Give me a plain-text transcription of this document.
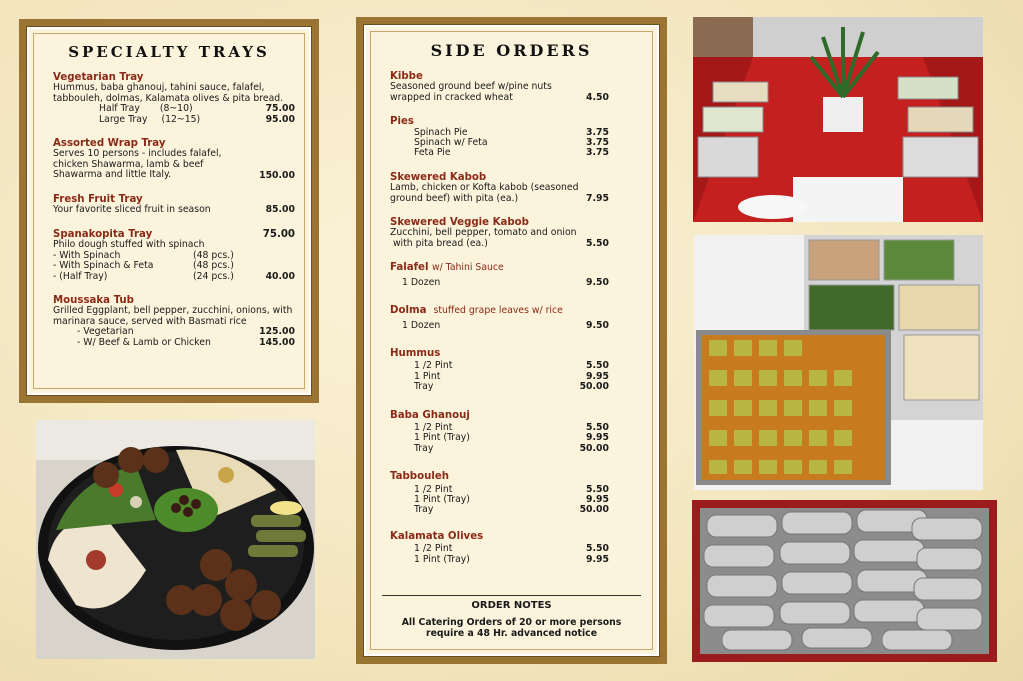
SPECIALTY TRAYS
Vegetarian Tray
Hummus, baba ghanouj, tahini sauce, falafel, tabbouleh, dolmas, Kalamata olives & pita bread.
Half Tray (8~10)	75.00
Large Tray (12~15)	95.00
Assorted Wrap Tray
Serves 10 persons - includes falafel, chicken Shawarma, lamb & beef Shawarma and little Italy.	150.00
Fresh Fruit Tray
Your favorite sliced fruit in season	85.00
Spanakopita Tray	75.00
Philo dough stuffed with spinach
- With Spinach	(48 pcs.)
- With Spinach & Feta	(48 pcs.)
- (Half Tray)	(24 pcs.)	40.00
Moussaka Tub
Grilled Eggplant, bell pepper, zucchini, onions, with marinara sauce, served with Basmati rice
- Vegetarian	125.00
- W/ Beef & Lamb or Chicken	145.00
SIDE ORDERS
Kibbe
Seasoned ground beef w/pine nuts
wrapped in cracked wheat	4.50
Pies
Spinach Pie	3.75
Spinach w/ Feta	3.75
Feta Pie	3.75
Skewered Kabob
Lamb, chicken or Kofta kabob (seasoned
ground beef) with pita (ea.)	7.95
Skewered Veggie Kabob
Zucchini, bell pepper, tomato and onion
with pita bread (ea.)	5.50
Falafel w/ Tahini Sauce
1 Dozen	9.50
Dolma stuffed grape leaves w/ rice
1 Dozen	9.50
Hummus
1 /2 Pint	5.50
1 Pint	9.95
Tray	50.00
Baba Ghanouj
1 /2 Pint	5.50
1 Pint (Tray)	9.95
Tray	50.00
Tabbouleh
1 /2 Pint	5.50
1 Pint (Tray)	9.95
Tray	50.00
Kalamata Olives
1 /2 Pint	5.50
1 Pint (Tray)	9.95
ORDER NOTES
All Catering Orders of 20 or more persons require a 48 Hr. advanced notice
